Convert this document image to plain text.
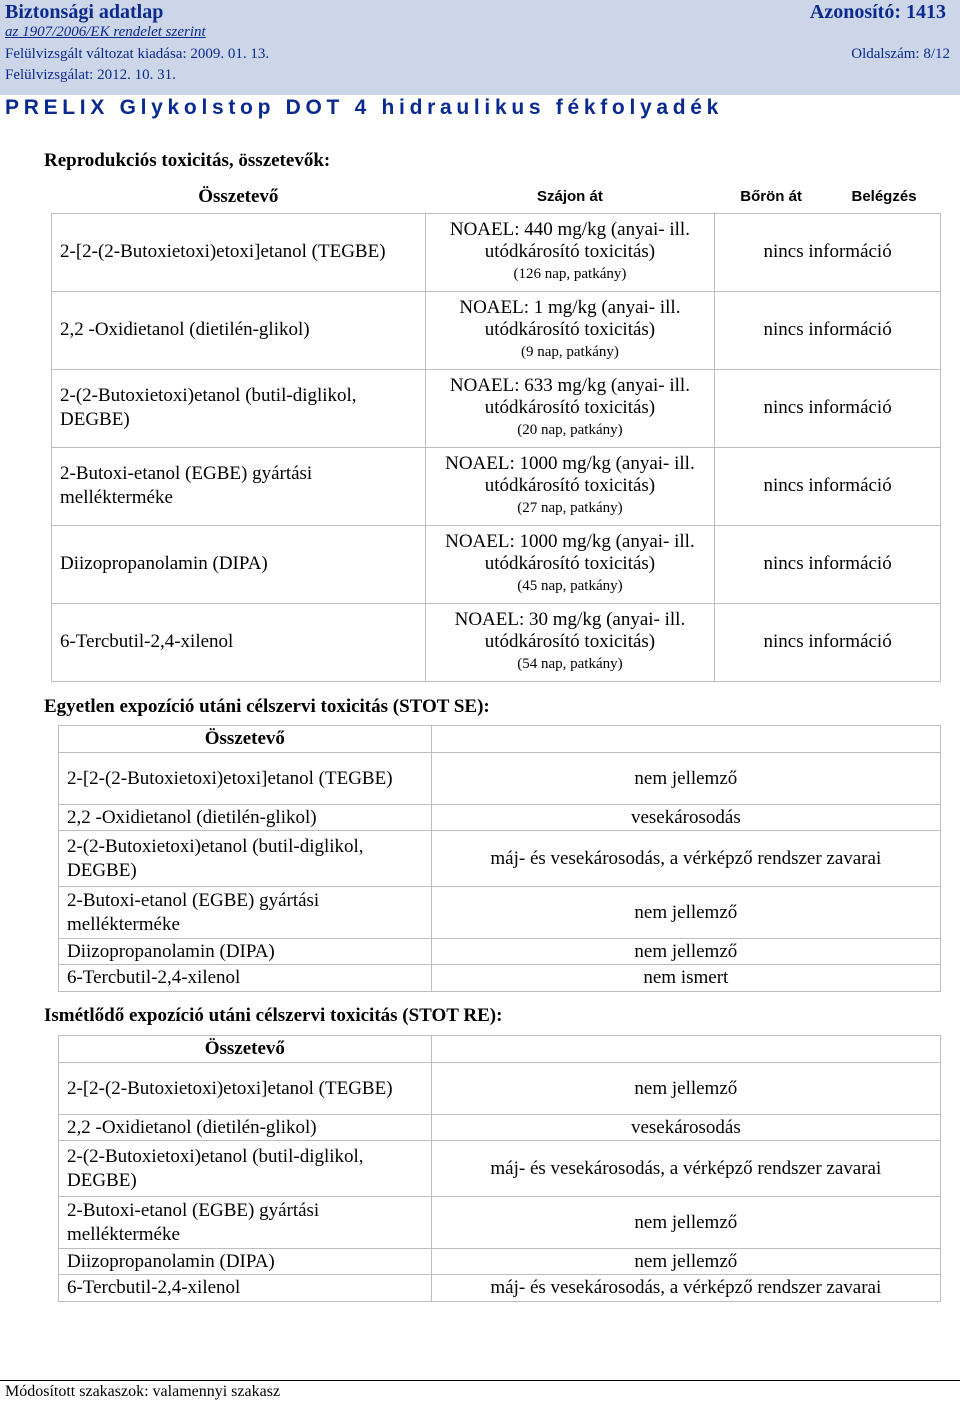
Biztonsági adatlap
az 1907/2006/EK rendelet szerint
Felülvizsgált változat kiadása: 2009. 01. 13.
Felülvizsgálat: 2012. 10. 31.
Azonosító: 1413
Oldalszám: 8/12
PRELIX Glykolstop DOT 4 hidraulikus fékfolyadék
Reprodukciós toxicitás, összetevők:
Összetevő	Szájon át	Bőrön át	Belégzés
2-[2-(2-Butoxietoxi)etoxi]etanol (TEGBE)	NOAEL: 440 mg/kg (anyai- ill. utódkárosító toxicitás)
(126 nap, patkány)	nincs információ	
2,2 -Oxidietanol (dietilén-glikol)	NOAEL: 1 mg/kg (anyai- ill. utódkárosító toxicitás)
(9 nap, patkány)	nincs információ	
2-(2-Butoxietoxi)etanol (butil-diglikol, DEGBE)	NOAEL: 633 mg/kg (anyai- ill. utódkárosító toxicitás)
(20 nap, patkány)	nincs információ	
2-Butoxi-etanol (EGBE) gyártási mellékterméke	NOAEL: 1000 mg/kg (anyai- ill. utódkárosító toxicitás)
(27 nap, patkány)	nincs információ	
Diizopropanolamin (DIPA)	NOAEL: 1000 mg/kg (anyai- ill. utódkárosító toxicitás)
(45 nap, patkány)	nincs információ	
6-Tercbutil-2,4-xilenol	NOAEL: 30 mg/kg (anyai- ill. utódkárosító toxicitás)
(54 nap, patkány)	nincs információ	
Egyetlen expozíció utáni célszervi toxicitás (STOT SE):
Összetevő	
2-[2-(2-Butoxietoxi)etoxi]etanol (TEGBE)	nem jellemző
2,2 -Oxidietanol (dietilén-glikol)	vesekárosodás
2-(2-Butoxietoxi)etanol (butil-diglikol, DEGBE)	máj- és vesekárosodás, a vérképző rendszer zavarai
2-Butoxi-etanol (EGBE) gyártási mellékterméke	nem jellemző
Diizopropanolamin (DIPA)	nem jellemző
6-Tercbutil-2,4-xilenol	nem ismert
Ismétlődő expozíció utáni célszervi toxicitás (STOT RE):
Összetevő	
2-[2-(2-Butoxietoxi)etoxi]etanol (TEGBE)	nem jellemző
2,2 -Oxidietanol (dietilén-glikol)	vesekárosodás
2-(2-Butoxietoxi)etanol (butil-diglikol, DEGBE)	máj- és vesekárosodás, a vérképző rendszer zavarai
2-Butoxi-etanol (EGBE) gyártási mellékterméke	nem jellemző
Diizopropanolamin (DIPA)	nem jellemző
6-Tercbutil-2,4-xilenol	máj- és vesekárosodás, a vérképző rendszer zavarai
Módosított szakaszok: valamennyi szakasz
